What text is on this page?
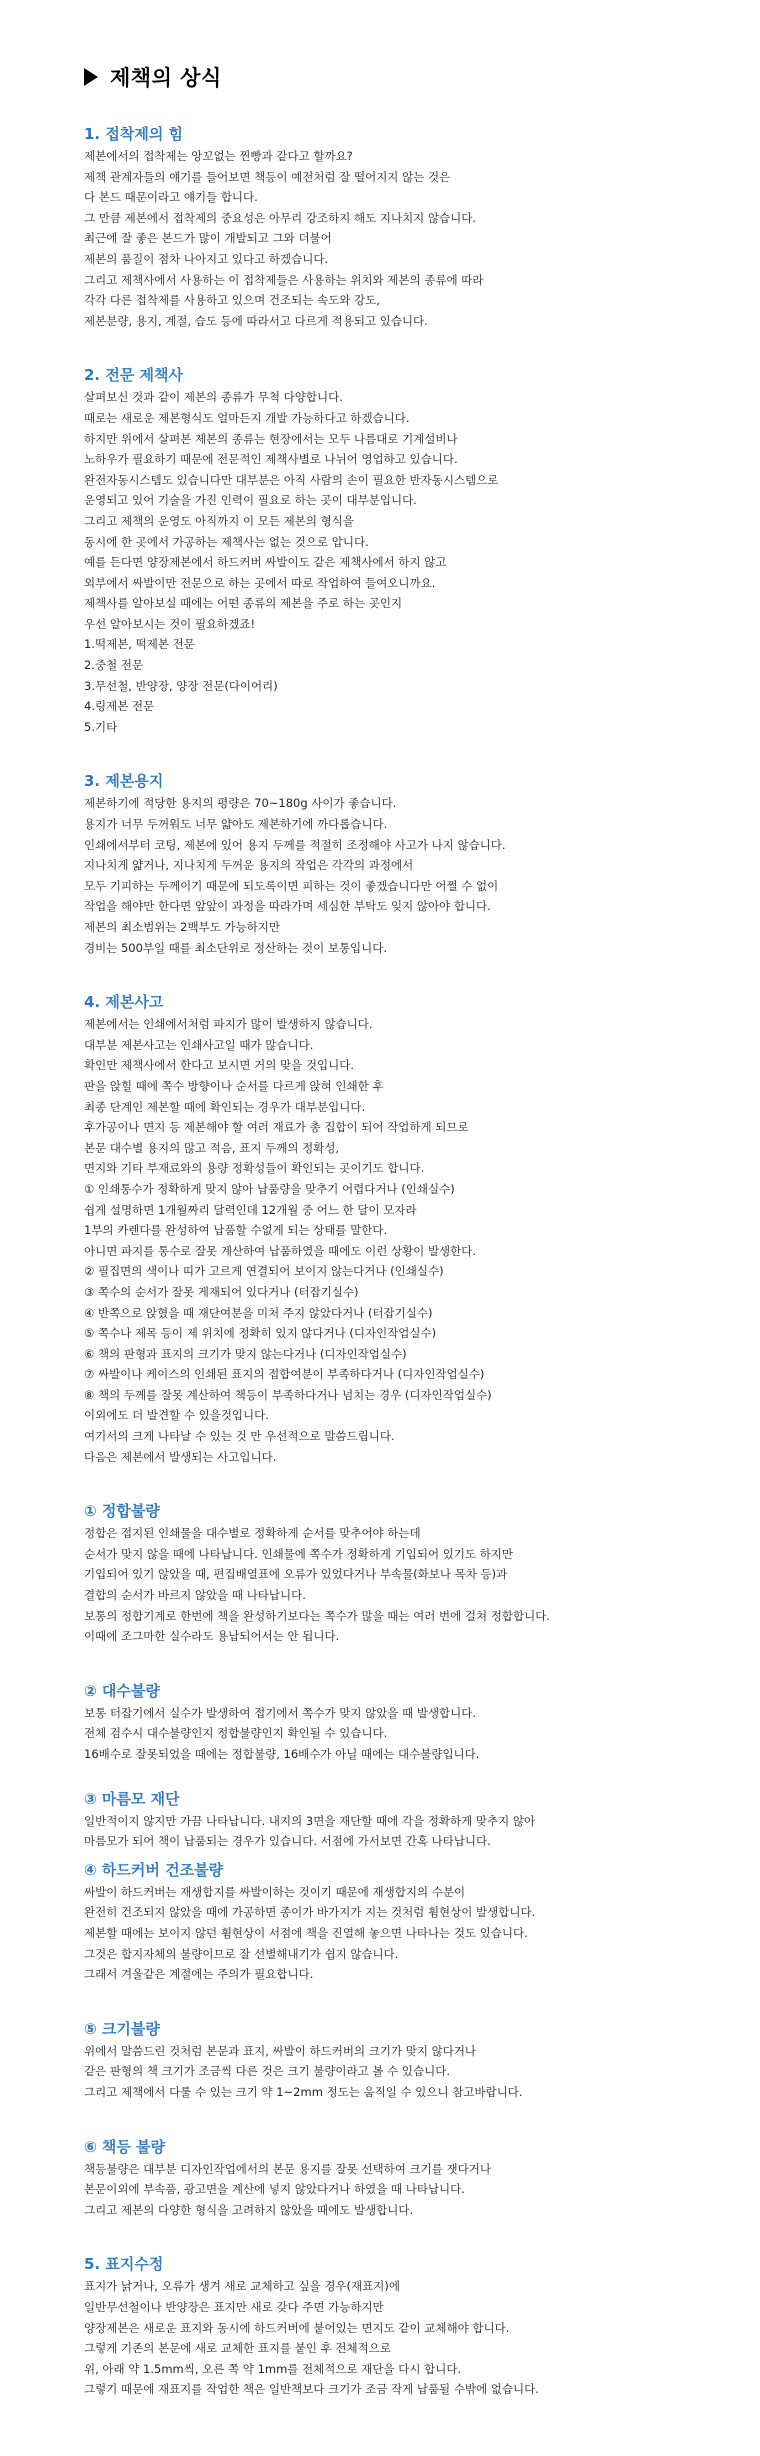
제책의 상식
1. 접착제의 힘
제본에서의 접착제는 앙꼬없는 찐빵과 같다고 할까요?
제책 관계자들의 얘기를 들어보면 책등이 예전처럼 잘 떨어지지 않는 것은
다 본드 때문이라고 얘기들 합니다.
그 만큼 제본에서 접착제의 중요성은 아무리 강조하지 해도 지나치지 않습니다.
최근에 잘 좋은 본드가 많이 개발되고 그와 더불어
제본의 품질이 점차 나아지고 있다고 하겠습니다.
그리고 제책사에서 사용하는 이 접착제들은 사용하는 위치와 제본의 종류에 따라
각각 다른 접착제를 사용하고 있으며 건조되는 속도와 강도,
제본분량, 용지, 계절, 습도 등에 따라서고 다르게 적용되고 있습니다.
2. 전문 제책사
살펴보신 것과 같이 제본의 종류가 무척 다양합니다.
때로는 새로운 제본형식도 얼마든지 개발 가능하다고 하겠습니다.
하지만 위에서 살펴본 제본의 종류는 현장에서는 모두 나름대로 기계설비나
노하우가 필요하기 때문에 전문적인 제책사별로 나뉘어 영업하고 있습니다.
완전자동시스템도 있습니다만 대부분은 아직 사람의 손이 필요한 반자동시스템으로
운영되고 있어 기술을 가진 인력이 필요로 하는 곳이 대부분입니다.
그리고 제책의 운영도 아직까지 이 모든 제본의 형식을
동시에 한 곳에서 가공하는 제책사는 없는 것으로 압니다.
예를 든다면 양장제본에서 하드커버 싸발이도 같은 제책사에서 하지 않고
외부에서 싸발이만 전문으로 하는 곳에서 따로 작업하여 들여오니까요.
제책사를 알아보실 때에는 어떤 종류의 제본을 주로 하는 곳인지
우선 알아보시는 것이 필요하겠죠!
1.떡제본, 떡제본 전문
2.중철 전문
3.무선철, 반양장, 양장 전문(다이어리)
4.링제본 전문
5.기타
3. 제본용지
제본하기에 적당한 용지의 평량은 70~180g 사이가 좋습니다.
용지가 너무 두꺼워도 너무 얇아도 제본하기에 까다롭습니다.
인쇄에서부터 코팅, 제본에 있어 용지 두께를 적절히 조정해야 사고가 나지 않습니다.
지나치게 얇거나, 지나치게 두꺼운 용지의 작업은 각각의 과정에서
모두 기피하는 두께이기 때문에 되도록이면 피하는 것이 좋겠습니다만 어쩔 수 없이
작업을 해야만 한다면 앞앞이 과정을 따라가며 세심한 부탁도 잊지 않아야 합니다.
제본의 최소범위는 2백부도 가능하지만
경비는 500부일 때를 최소단위로 정산하는 것이 보통입니다.
4. 제본사고
제본에서는 인쇄에서처럼 파지가 많이 발생하지 않습니다.
대부분 제본사고는 인쇄사고일 때가 많습니다.
확인만 제책사에서 한다고 보시면 거의 맞을 것입니다.
판을 앉힐 때에 쪽수 방향이나 순서를 다르게 앉혀 인쇄한 후
최종 단계인 제본할 때에 확인되는 경우가 대부분입니다.
후가공이나 면지 등 제본해야 할 여러 재료가 총 집합이 되어 작업하게 되므로
본문 대수별 용지의 많고 적음, 표지 두께의 정확성,
면지와 기타 부재료와의 용량 정확성들이 확인되는 곳이기도 합니다.
① 인쇄통수가 정확하게 맞지 않아 납품량을 맞추기 어렵다거나 (인쇄실수)
쉽게 설명하면 1개월짜리 달력인데 12개월 중 어느 한 달이 모자라
1부의 카렌다를 완성하여 납품할 수없게 되는 상태를 말한다.
아니면 파지를 통수로 잘못 계산하여 납품하였을 때에도 이런 상황이 발생한다.
② 필집면의 색이나 띠가 고르게 연결되어 보이지 않는다거나 (인쇄실수)
③ 쪽수의 순서가 잘못 게재되어 있다거나 (터잡기실수)
④ 반쪽으로 앉혔을 때 재단여분을 미처 주지 않았다거나 (터잡기실수)
⑤ 쪽수나 제목 등이 제 위치에 정확히 있지 않다거나 (디자인작업실수)
⑥ 책의 판형과 표지의 크기가 맞지 않는다거나 (디자인작업실수)
⑦ 싸발이나 케이스의 인쇄된 표지의 접합여분이 부족하다거나 (디자인작업실수)
⑧ 책의 두께를 잘못 계산하여 책등이 부족하다거나 넘치는 경우 (디자인작업실수)
이외에도 더 발견할 수 있을것입니다.
여기서의 크게 나타날 수 있는 것 만 우선적으로 말씀드립니다.
다음은 제본에서 발생되는 사고입니다.
① 정합불량
정합은 접지된 인쇄물을 대수별로 정확하게 순서를 맞추어야 하는데
순서가 맞지 않을 때에 나타납니다. 인쇄물에 쪽수가 정확하게 기입되어 있기도 하지만
기입되어 있기 않았을 때, 편집배열표에 오류가 있었다거나 부속물(화보나 목차 등)과
결합의 순서가 바르지 않았을 때 나타납니다.
보통의 정합기계로 한번에 책을 완성하기보다는 쪽수가 많을 때는 여러 번에 걸쳐 정합합니다.
이때에 조그마한 실수라도 용납되어서는 안 됩니다.
② 대수불량
보통 터잡기에서 실수가 발생하여 접기에서 쪽수가 맞지 않았을 때 발생합니다.
전체 검수시 대수불량인지 정합불량인지 확인될 수 있습니다.
16배수로 잘못되었을 때에는 정합불량, 16배수가 아닐 때에는 대수불량입니다.
③ 마름모 재단
일반적이지 않지만 가끔 나타납니다. 내지의 3면을 재단할 때에 각을 정확하게 맞추지 않아
마름모가 되어 책이 납품되는 경우가 있습니다. 서점에 가서보면 간혹 나타납니다.
④ 하드커버 건조불량
싸발이 하드커버는 재생합지를 싸발이하는 것이기 때문에 재생합지의 수분이
완전히 건조되지 않았을 때에 가공하면 종이가 바가지가 지는 것처럼 휨현상이 발생합니다.
제본할 때에는 보이지 않던 휨현상이 서점에 책을 진열해 놓으면 나타나는 것도 있습니다.
그것은 합지자체의 불량이므로 잘 선별해내기가 쉽지 않습니다.
그래서 겨울같은 계절에는 주의가 필요합니다.
⑤ 크기불량
위에서 말씀드린 것처럼 본문과 표지, 싸발이 하드커버의 크기가 맞지 않다거나
같은 판형의 책 크기가 조금씩 다른 것은 크기 불량이라고 볼 수 있습니다.
그리고 제책에서 다룰 수 있는 크기 약 1~2mm 정도는 움직일 수 있으니 참고바랍니다.
⑥ 책등 불량
책등불량은 대부분 디자인작업에서의 본문 용지를 잘못 선택하여 크기를 잿다거나
본문이외에 부속품, 광고면을 계산에 넣지 않았다거나 하였을 때 나타납니다.
그리고 제본의 다양한 형식을 고려하지 않았을 때에도 발생합니다.
5. 표지수정
표지가 낡거나, 오류가 생겨 새로 교체하고 싶을 경우(재표지)에
일반무선철이나 반양장은 표지만 새로 갖다 주면 가능하지만
양장제본은 새로운 표지와 동시에 하드커버에 붙어있는 면지도 같이 교체해야 합니다.
그렇게 기존의 본문에 새로 교체한 표지를 붙인 후 전체적으로
위, 아래 약 1.5mm씩, 오른 쪽 약 1mm를 전체적으로 재단을 다시 합니다.
그렇기 때문에 재표지를 작업한 책은 일반책보다 크기가 조금 작게 납품될 수밖에 없습니다.
